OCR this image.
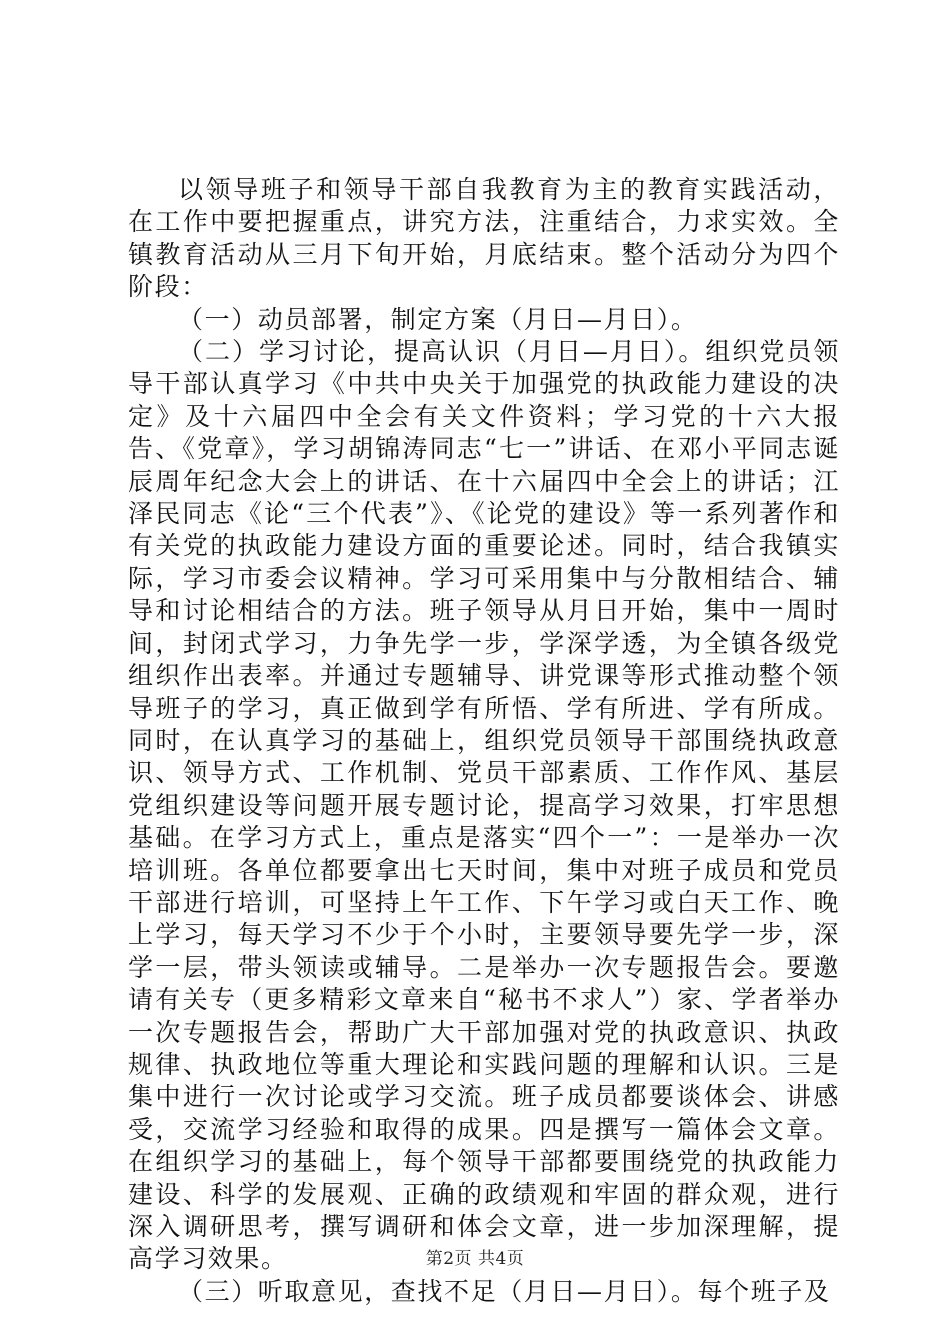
以领导班子和领导干部自我教育为主的教育实践活动，在工作中要把握重点，讲究方法，注重结合，力求实效。全镇教育活动从三月下旬开始，月底结束。整个活动分为四个阶段：

（一）动员部署，制定方案（月日—月日）。

（二）学习讨论，提高认识（月日—月日）。组织党员领导干部认真学习《中共中央关于加强党的执政能力建设的决定》及十六届四中全会有关文件资料；学习党的十六大报告、《党章》，学习胡锦涛同志“七一”讲话、在邓小平同志诞辰周年纪念大会上的讲话、在十六届四中全会上的讲话；江泽民同志《论“三个代表”》、《论党的建设》等一系列著作和有关党的执政能力建设方面的重要论述。同时，结合我镇实际，学习市委会议精神。学习可采用集中与分散相结合、辅导和讨论相结合的方法。班子领导从月日开始，集中一周时间，封闭式学习，力争先学一步，学深学透，为全镇各级党组织作出表率。并通过专题辅导、讲党课等形式推动整个领导班子的学习，真正做到学有所悟、学有所进、学有所成。同时，在认真学习的基础上，组织党员领导干部围绕执政意识、领导方式、工作机制、党员干部素质、工作作风、基层党组织建设等问题开展专题讨论，提高学习效果，打牢思想基础。在学习方式上，重点是落实“四个一”：一是举办一次培训班。各单位都要拿出七天时间，集中对班子成员和党员干部进行培训，可坚持上午工作、下午学习或白天工作、晚上学习，每天学习不少于个小时，主要领导要先学一步，深学一层，带头领读或辅导。二是举办一次专题报告会。要邀请有关专（更多精彩文章来自“秘书不求人”）家、学者举办一次专题报告会，帮助广大干部加强对党的执政意识、执政规律、执政地位等重大理论和实践问题的理解和认识。三是集中进行一次讨论或学习交流。班子成员都要谈体会、讲感受，交流学习经验和取得的成果。四是撰写一篇体会文章。在组织学习的基础上，每个领导干部都要围绕党的执政能力建设、科学的发展观、正确的政绩观和牢固的群众观，进行深入调研思考，撰写调研和体会文章，进一步加深理解，提高学习效果。

（三）听取意见，查找不足（月日—月日）。每个班子及

第2页 共4页
